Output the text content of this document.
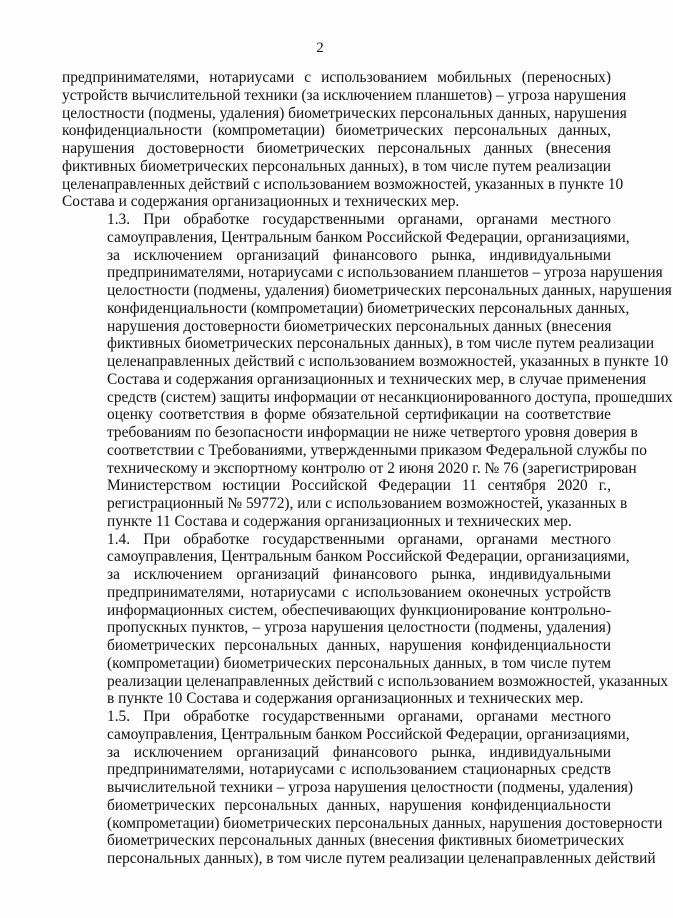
2

предпринимателями, нотариусами с использованием мобильных (переносных)
устройств вычислительной техники (за исключением планшетов) – угроза нарушения
целостности (подмены, удаления) биометрических персональных данных, нарушения
конфиденциальности (компрометации) биометрических персональных данных,
нарушения достоверности биометрических персональных данных (внесения
фиктивных биометрических персональных данных), в том числе путем реализации
целенаправленных действий с использованием возможностей, указанных в пункте 10
Состава и содержания организационных и технических мер.

1.3. При обработке государственными органами, органами местного
самоуправления, Центральным банком Российской Федерации, организациями,
за исключением организаций финансового рынка, индивидуальными
предпринимателями, нотариусами с использованием планшетов – угроза нарушения
целостности (подмены, удаления) биометрических персональных данных, нарушения
конфиденциальности (компрометации) биометрических персональных данных,
нарушения достоверности биометрических персональных данных (внесения
фиктивных биометрических персональных данных), в том числе путем реализации
целенаправленных действий с использованием возможностей, указанных в пункте 10
Состава и содержания организационных и технических мер, в случае применения
средств (систем) защиты информации от несанкционированного доступа, прошедших
оценку соответствия в форме обязательной сертификации на соответствие
требованиям по безопасности информации не ниже четвертого уровня доверия в
соответствии с Требованиями, утвержденными приказом Федеральной службы по
техническому и экспортному контролю от 2 июня 2020 г. № 76 (зарегистрирован
Министерством юстиции Российской Федерации 11 сентября 2020 г.,
регистрационный № 59772), или с использованием возможностей, указанных в
пункте 11 Состава и содержания организационных и технических мер.

1.4. При обработке государственными органами, органами местного
самоуправления, Центральным банком Российской Федерации, организациями,
за исключением организаций финансового рынка, индивидуальными
предпринимателями, нотариусами с использованием оконечных устройств
информационных систем, обеспечивающих функционирование контрольно-
пропускных пунктов, – угроза нарушения целостности (подмены, удаления)
биометрических персональных данных, нарушения конфиденциальности
(компрометации) биометрических персональных данных, в том числе путем
реализации целенаправленных действий с использованием возможностей, указанных
в пункте 10 Состава и содержания организационных и технических мер.

1.5. При обработке государственными органами, органами местного
самоуправления, Центральным банком Российской Федерации, организациями,
за исключением организаций финансового рынка, индивидуальными
предпринимателями, нотариусами с использованием стационарных средств
вычислительной техники – угроза нарушения целостности (подмены, удаления)
биометрических персональных данных, нарушения конфиденциальности
(компрометации) биометрических персональных данных, нарушения достоверности
биометрических персональных данных (внесения фиктивных биометрических
персональных данных), в том числе путем реализации целенаправленных действий
